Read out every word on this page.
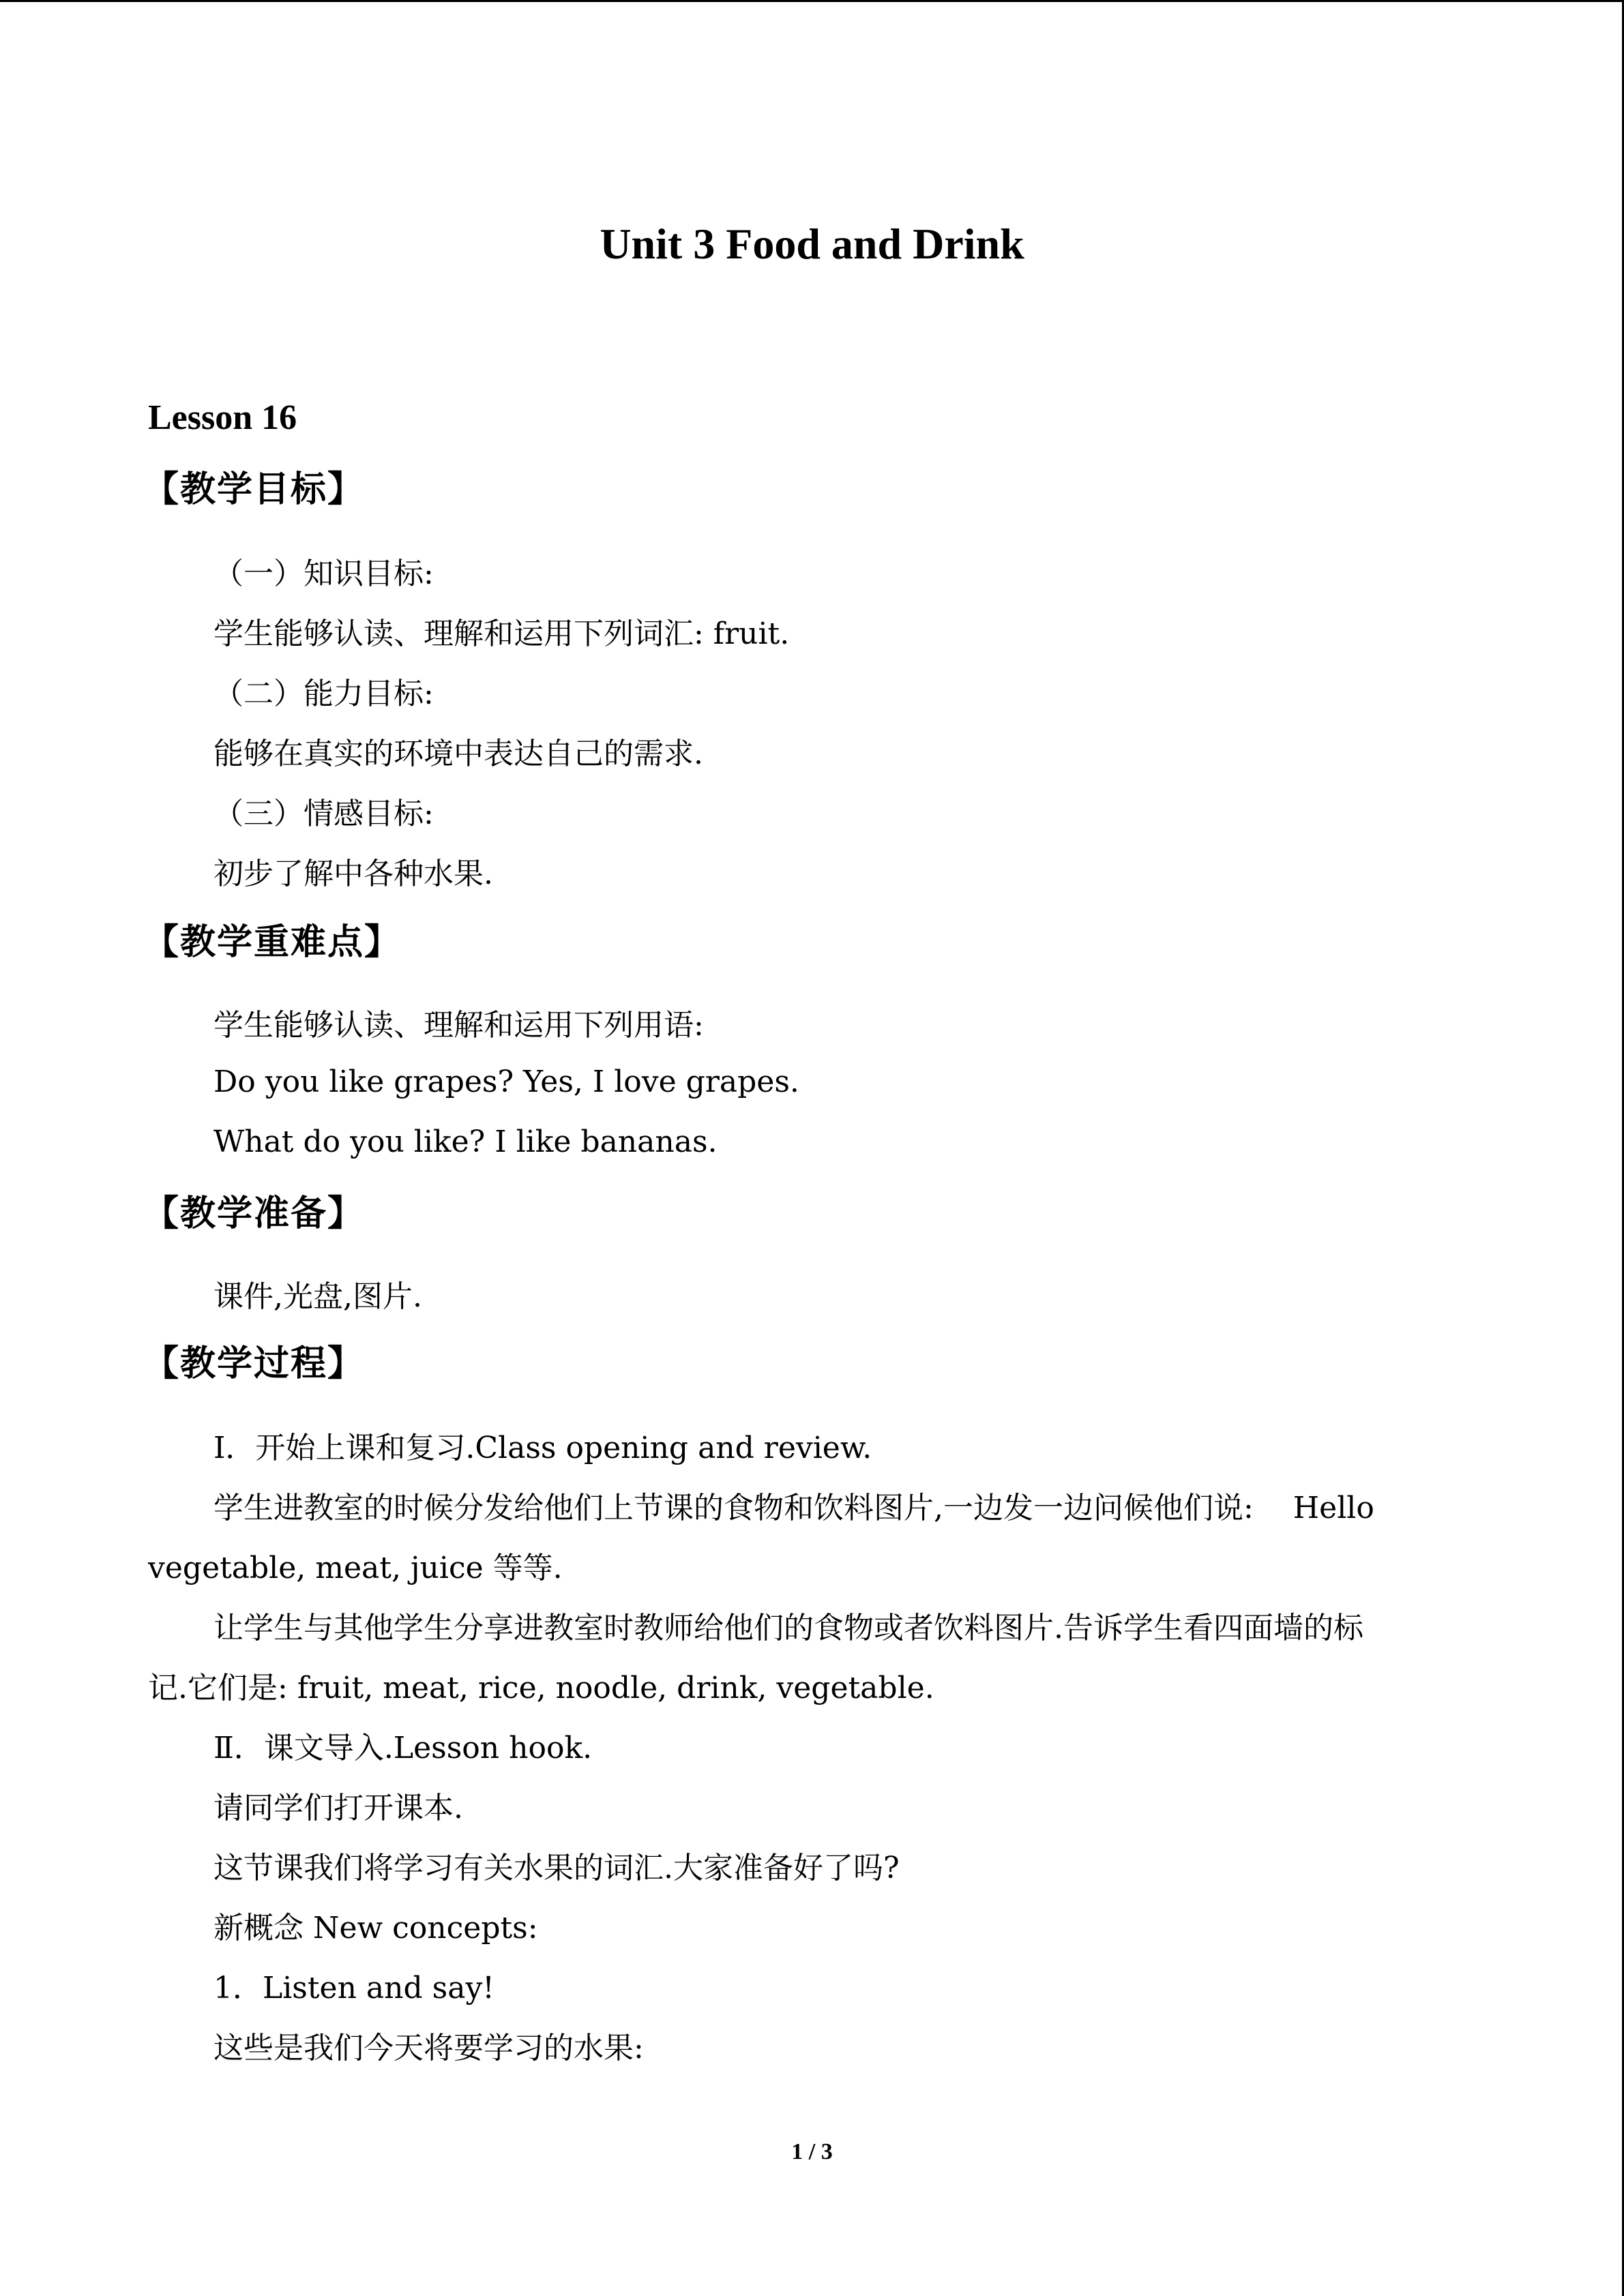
Unit 3 Food and Drink
Lesson 16
【教学目标】
（一）知识目标:
学生能够认读、理解和运用下列词汇: fruit.
（二）能力目标:
能够在真实的环境中表达自己的需求.
（三）情感目标:
初步了解中各种水果.
【教学重难点】
学生能够认读、理解和运用下列用语:
Do you like grapes? Yes, I love grapes.
What do you like? I like bananas.
【教学准备】
课件,光盘,图片.
【教学过程】
Ⅰ．开始上课和复习.Class opening and review.
学生进教室的时候分发给他们上节课的食物和饮料图片,一边发一边问候他们说:　 Hello
vegetable, meat, juice 等等.
让学生与其他学生分享进教室时教师给他们的食物或者饮料图片.告诉学生看四面墙的标
记.它们是: fruit, meat, rice, noodle, drink, vegetable.
Ⅱ．课文导入.Lesson hook.
请同学们打开课本.
这节课我们将学习有关水果的词汇.大家准备好了吗?
新概念 New concepts:
1．Listen and say!
这些是我们今天将要学习的水果:
1 / 3
